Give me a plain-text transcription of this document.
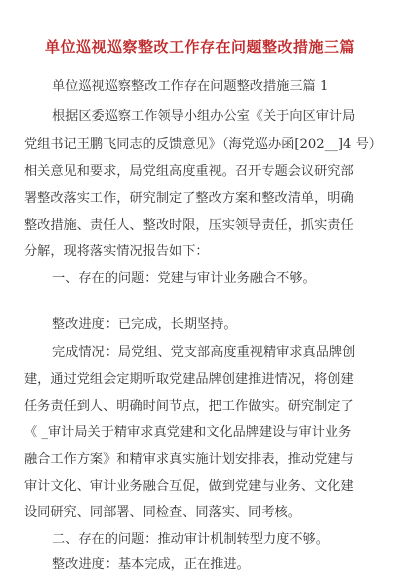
单位巡视巡察整改工作存在问题整改措施三篇
单位巡视巡察整改工作存在问题整改措施三篇 1
根据区委巡察工作领导小组办公室《关于向区审计局
党组书记王鹏飞同志的反馈意见》（海党巡办函[202__]4 号）
相关意见和要求，局党组高度重视。召开专题会议研究部
署整改落实工作，研究制定了整改方案和整改清单，明确
整改措施、责任人、整改时限，压实领导责任，抓实责任
分解，现将落实情况报告如下：
一、存在的问题：党建与审计业务融合不够。
整改进度：已完成，长期坚持。
完成情况：局党组、党支部高度重视精审求真品牌创
建，通过党组会定期听取党建品牌创建推进情况，将创建
任务责任到人、明确时间节点，把工作做实。研究制定了
《 _审计局关于精审求真党建和文化品牌建设与审计业务
融合工作方案》和精审求真实施计划安排表，推动党建与
审计文化、审计业务融合互促，做到党建与业务、文化建
设同研究、同部署、同检查、同落实、同考核。
二、存在的问题：推动审计机制转型力度不够。
整改进度：基本完成，正在推进。
